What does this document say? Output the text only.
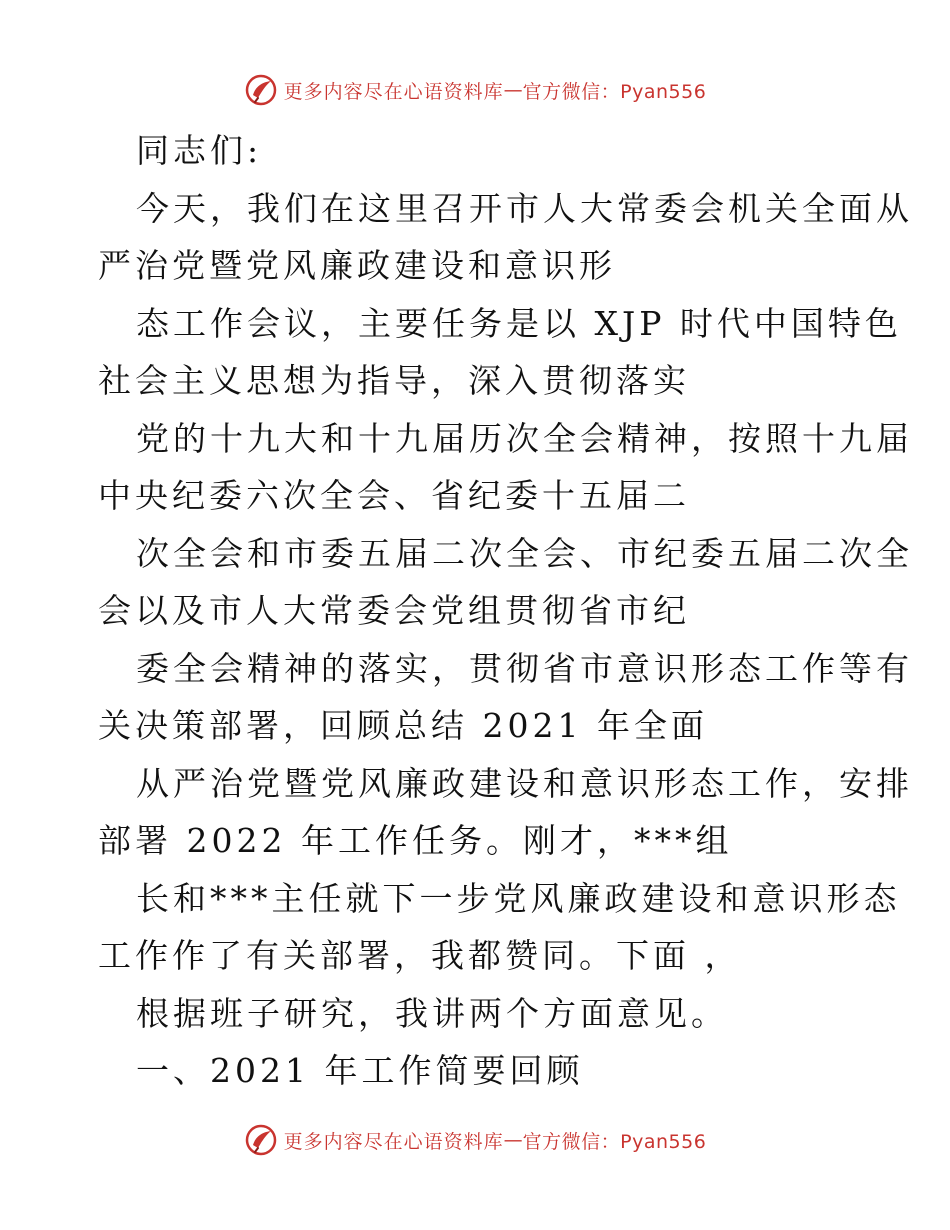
更多内容尽在心语资料库 — 官方微信：Pyan556
同志们:
今天，我们在这里召开市人大常委会机关全面从
严治党暨党风廉政建设和意识形
态工作会议，主要任务是以 XJP 时代中国特色
社会主义思想为指导，深入贯彻落实
党的十九大和十九届历次全会精神，按照十九届
中央纪委六次全会、省纪委十五届二
次全会和市委五届二次全会、市纪委五届二次全
会以及市人大常委会党组贯彻省市纪
委全会精神的落实，贯彻省市意识形态工作等有
关决策部署，回顾总结 2021 年全面
从严治党暨党风廉政建设和意识形态工作，安排
部署 2022 年工作任务。刚才，***组
长和***主任就下一步党风廉政建设和意识形态
工作作了有关部署，我都赞同。下面 ，
根据班子研究，我讲两个方面意见。
一、2021 年工作简要回顾
更多内容尽在心语资料库 — 官方微信：Pyan556
